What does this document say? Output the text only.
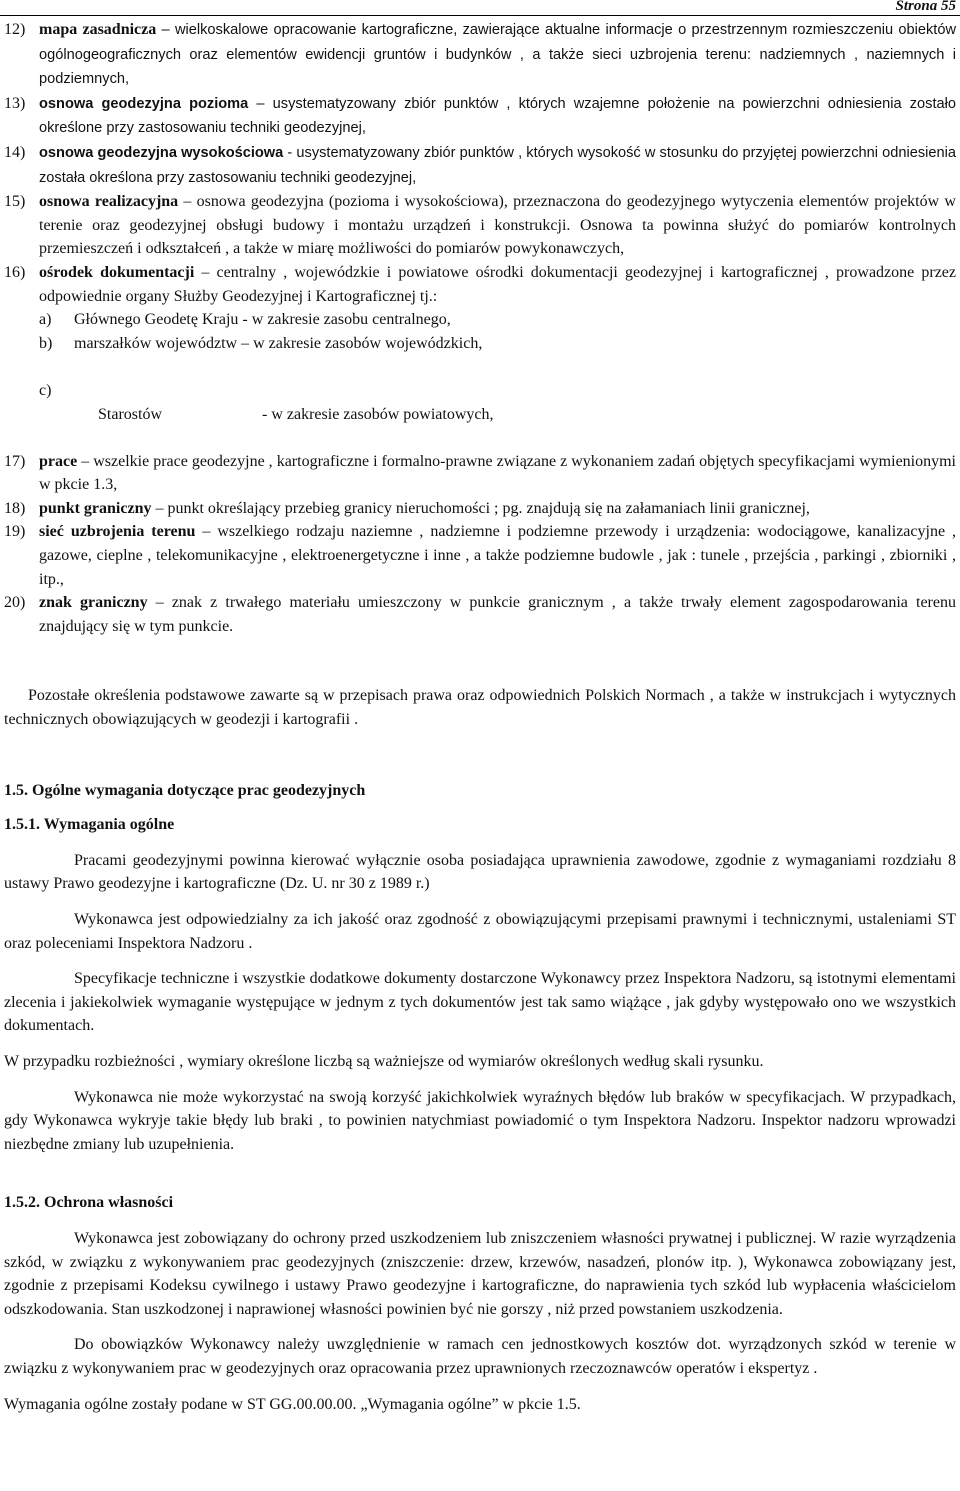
Strona 55
12) mapa zasadnicza – wielkoskalowe opracowanie kartograficzne, zawierające aktualne informacje o przestrzennym rozmieszczeniu obiektów ogólnogeograficznych oraz elementów ewidencji gruntów i budynków , a także sieci uzbrojenia terenu: nadziemnych , naziemnych i podziemnych,
13) osnowa geodezyjna pozioma – usystematyzowany zbiór punktów , których wzajemne położenie na powierzchni odniesienia zostało określone przy zastosowaniu techniki geodezyjnej,
14) osnowa geodezyjna wysokościowa - usystematyzowany zbiór punktów , których wysokość w stosunku do przyjętej powierzchni odniesienia została określona przy zastosowaniu techniki geodezyjnej,
15) osnowa realizacyjna – osnowa geodezyjna (pozioma i wysokościowa), przeznaczona do geodezyjnego wytyczenia elementów projektów w terenie oraz geodezyjnej obsługi budowy i montażu urządzeń i konstrukcji. Osnowa ta powinna służyć do pomiarów kontrolnych przemieszczeń i odkształceń , a także w miarę możliwości do pomiarów powykonawczych,
16) ośrodek dokumentacji – centralny , wojewódzkie i powiatowe ośrodki dokumentacji geodezyjnej i kartograficznej , prowadzone przez odpowiednie organy Służby Geodezyjnej i Kartograficznej tj.:
a) Głównego Geodetę Kraju - w zakresie zasobu centralnego,
b) marszałków województw – w zakresie zasobów wojewódzkich,

c)

Starostów                         - w zakresie zasobów powiatowych,

17) prace – wszelkie prace geodezyjne , kartograficzne i formalno-prawne związane z wykonaniem zadań objętych specyfikacjami wymienionymi w pkcie 1.3,
18) punkt graniczny – punkt określający przebieg granicy nieruchomości ; pg. znajdują się na załamaniach linii granicznej,
19) sieć uzbrojenia terenu – wszelkiego rodzaju naziemne , nadziemne i podziemne przewody i urządzenia: wodociągowe, kanalizacyjne , gazowe, cieplne , telekomunikacyjne , elektroenergetyczne i inne , a także podziemne budowle , jak : tunele , przejścia , parkingi , zbiorniki , itp.,
20) znak graniczny – znak z trwałego materiału umieszczony w punkcie granicznym , a także trwały element zagospodarowania terenu znajdujący się w tym punkcie.

Pozostałe określenia podstawowe zawarte są w przepisach prawa oraz odpowiednich Polskich Normach , a także w instrukcjach i wytycznych technicznych obowiązujących w geodezji i kartografii .

1.5. Ogólne wymagania dotyczące prac geodezyjnych

1.5.1. Wymagania ogólne

Pracami geodezyjnymi powinna kierować wyłącznie osoba posiadająca uprawnienia zawodowe, zgodnie z wymaganiami rozdziału 8 ustawy Prawo geodezyjne i kartograficzne (Dz. U. nr 30 z 1989 r.)

Wykonawca jest odpowiedzialny za ich jakość oraz zgodność z obowiązującymi przepisami prawnymi i technicznymi, ustaleniami ST oraz poleceniami Inspektora Nadzoru .

Specyfikacje techniczne i wszystkie dodatkowe dokumenty dostarczone Wykonawcy przez Inspektora Nadzoru, są istotnymi elementami zlecenia i jakiekolwiek wymaganie występujące w jednym z tych dokumentów jest tak samo wiążące , jak gdyby występowało ono we wszystkich dokumentach.

W przypadku rozbieżności , wymiary określone liczbą są ważniejsze od wymiarów określonych według skali rysunku.

Wykonawca nie może wykorzystać na swoją korzyść jakichkolwiek wyraźnych błędów lub braków w specyfikacjach. W przypadkach, gdy Wykonawca wykryje takie błędy lub braki , to powinien natychmiast powiadomić o tym Inspektora Nadzoru. Inspektor nadzoru wprowadzi niezbędne zmiany lub uzupełnienia.

1.5.2. Ochrona własności

Wykonawca jest zobowiązany do ochrony przed uszkodzeniem lub zniszczeniem własności prywatnej i publicznej. W razie wyrządzenia szkód, w związku z wykonywaniem prac geodezyjnych (zniszczenie: drzew, krzewów, nasadzeń, plonów itp. ), Wykonawca zobowiązany jest, zgodnie z przepisami Kodeksu cywilnego i ustawy Prawo geodezyjne i kartograficzne, do naprawienia tych szkód lub wypłacenia właścicielom odszkodowania. Stan uszkodzonej i naprawionej własności powinien być nie gorszy , niż przed powstaniem uszkodzenia.

Do obowiązków Wykonawcy należy uwzględnienie w ramach cen jednostkowych kosztów dot. wyrządzonych szkód w terenie w związku z wykonywaniem prac w geodezyjnych oraz opracowania przez uprawnionych rzeczoznawców operatów i ekspertyz .

Wymagania ogólne zostały podane w ST GG.00.00.00. „Wymagania ogólne” w pkcie 1.5.
